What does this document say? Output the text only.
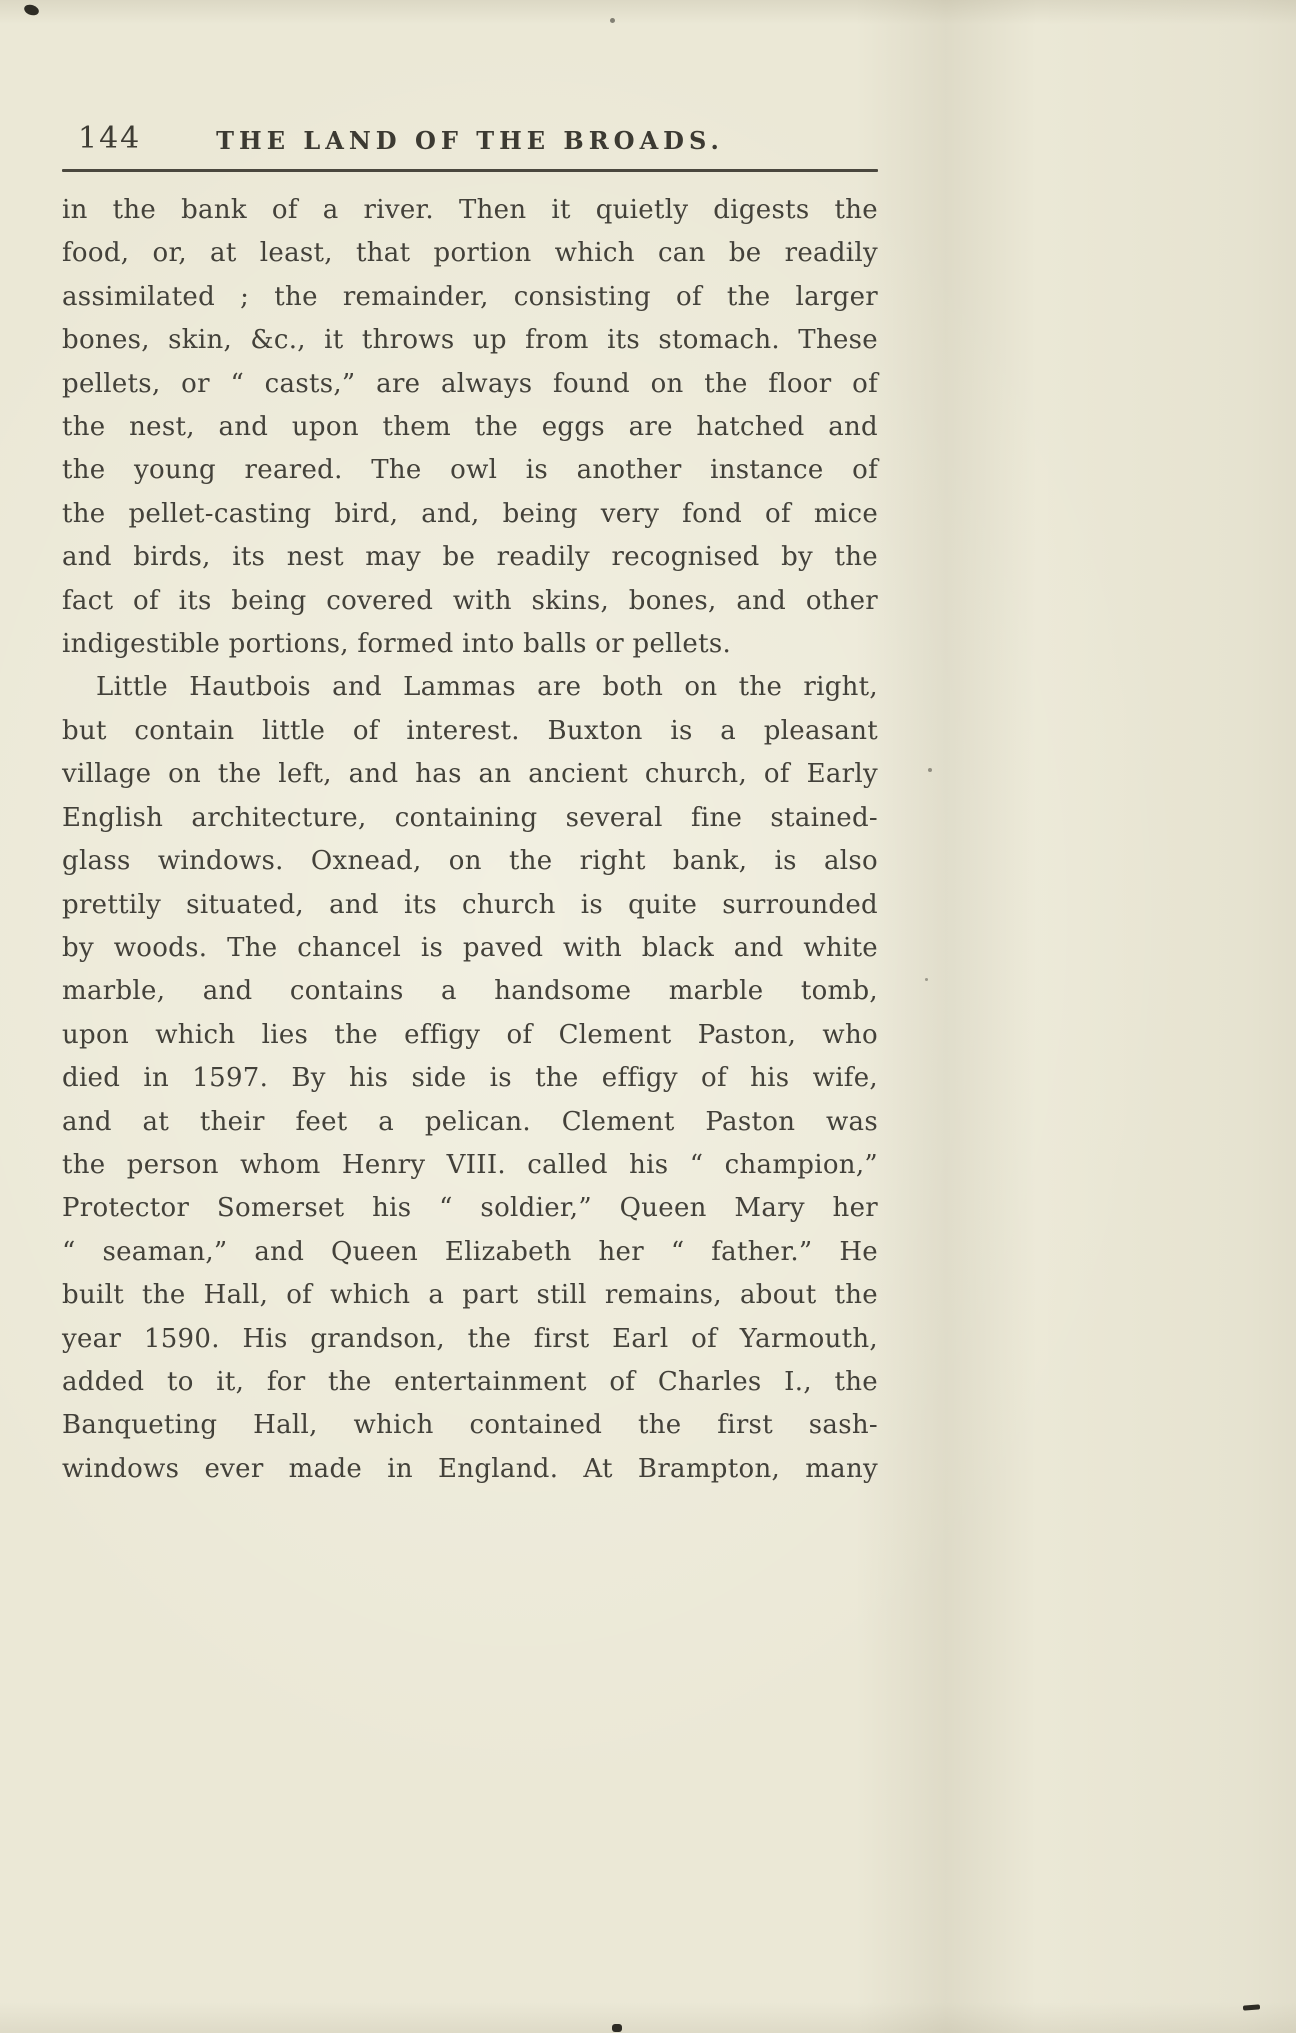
144	THE LAND OF THE BROADS.
in the bank of a river. Then it quietly digests the
food, or, at least, that portion which can be readily
assimilated ; the remainder, consisting of the larger
bones, skin, &c., it throws up from its stomach. These
pellets, or “ casts,” are always found on the floor of
the nest, and upon them the eggs are hatched and
the young reared. The owl is another instance of
the pellet-casting bird, and, being very fond of mice
and birds, its nest may be readily recognised by the
fact of its being covered with skins, bones, and other
indigestible portions, formed into balls or pellets.
Little Hautbois and Lammas are both on the right,
but contain little of interest. Buxton is a pleasant
village on the left, and has an ancient church, of Early
English architecture, containing several fine stained-
glass windows. Oxnead, on the right bank, is also
prettily situated, and its church is quite surrounded
by woods. The chancel is paved with black and white
marble, and contains a handsome marble tomb,
upon which lies the effigy of Clement Paston, who
died in 1597. By his side is the effigy of his wife,
and at their feet a pelican. Clement Paston was
the person whom Henry VIII. called his “ champion,”
Protector Somerset his “ soldier,” Queen Mary her
“ seaman,” and Queen Elizabeth her “ father.” He
built the Hall, of which a part still remains, about the
year 1590. His grandson, the first Earl of Yarmouth,
added to it, for the entertainment of Charles I., the
Banqueting Hall, which contained the first sash-
windows ever made in England. At Brampton, many
